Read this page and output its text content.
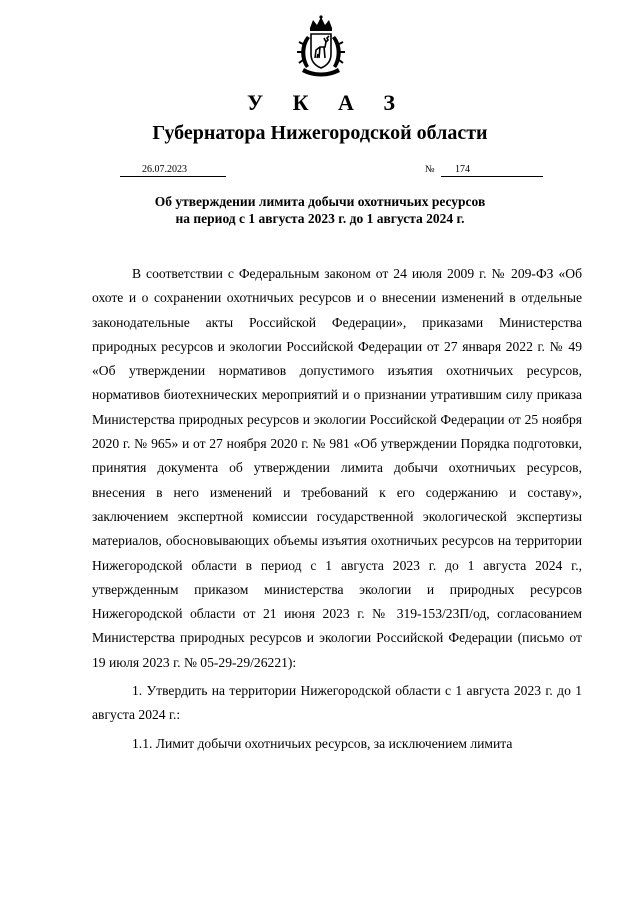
У К А З
Губернатора Нижегородской области
26.07.2023	№	174
Об утверждении лимита добычи охотничьих ресурсов
на период с 1 августа 2023 г. до 1 августа 2024 г.

В соответствии с Федеральным законом от 24 июля 2009 г. № 209-ФЗ «Об охоте и о сохранении охотничьих ресурсов и о внесении изменений в отдельные законодательные акты Российской Федерации», приказами Министерства природных ресурсов и экологии Российской Федерации от 27 января 2022 г. № 49 «Об утверждении нормативов допустимого изъятия охотничьих ресурсов, нормативов биотехнических мероприятий и о признании утратившим силу приказа Министерства природных ресурсов и экологии Российской Федерации от 25 ноября 2020 г. № 965» и от 27 ноября 2020 г. № 981 «Об утверждении Порядка подготовки, принятия документа об утверждении лимита добычи охотничьих ресурсов, внесения в него изменений и требований к его содержанию и составу», заключением экспертной комиссии государственной экологической экспертизы материалов, обосновывающих объемы изъятия охотничьих ресурсов на территории Нижегородской области в период с 1 августа 2023 г. до 1 августа 2024 г., утвержденным приказом министерства экологии и природных ресурсов Нижегородской области от 21 июня 2023 г. № 319-153/23П/од, согласованием Министерства природных ресурсов и экологии Российской Федерации (письмо от 19 июля 2023 г. № 05-29-29/26221):

1. Утвердить на территории Нижегородской области с 1 августа 2023 г. до 1 августа 2024 г.:

1.1. Лимит добычи охотничьих ресурсов, за исключением лимита
